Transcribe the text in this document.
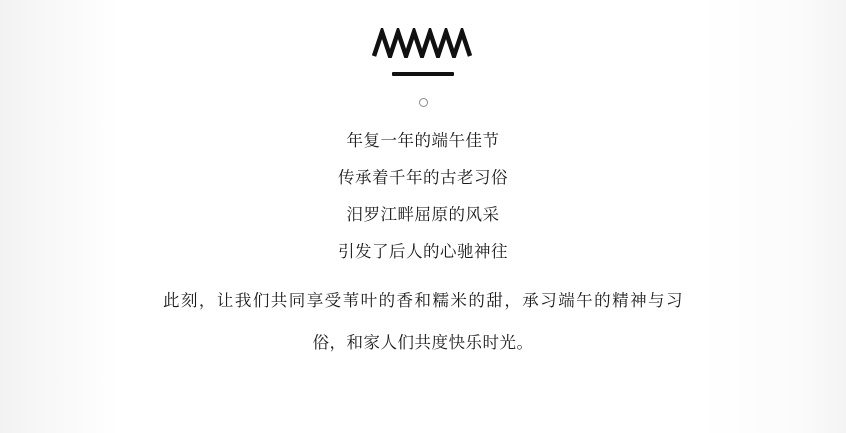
年复一年的端午佳节
传承着千年的古老习俗
汨罗江畔屈原的风采
引发了后人的心驰神往
此刻，让我们共同享受苇叶的香和糯米的甜，承习端午的精神与习俗，和家人们共度快乐时光。
